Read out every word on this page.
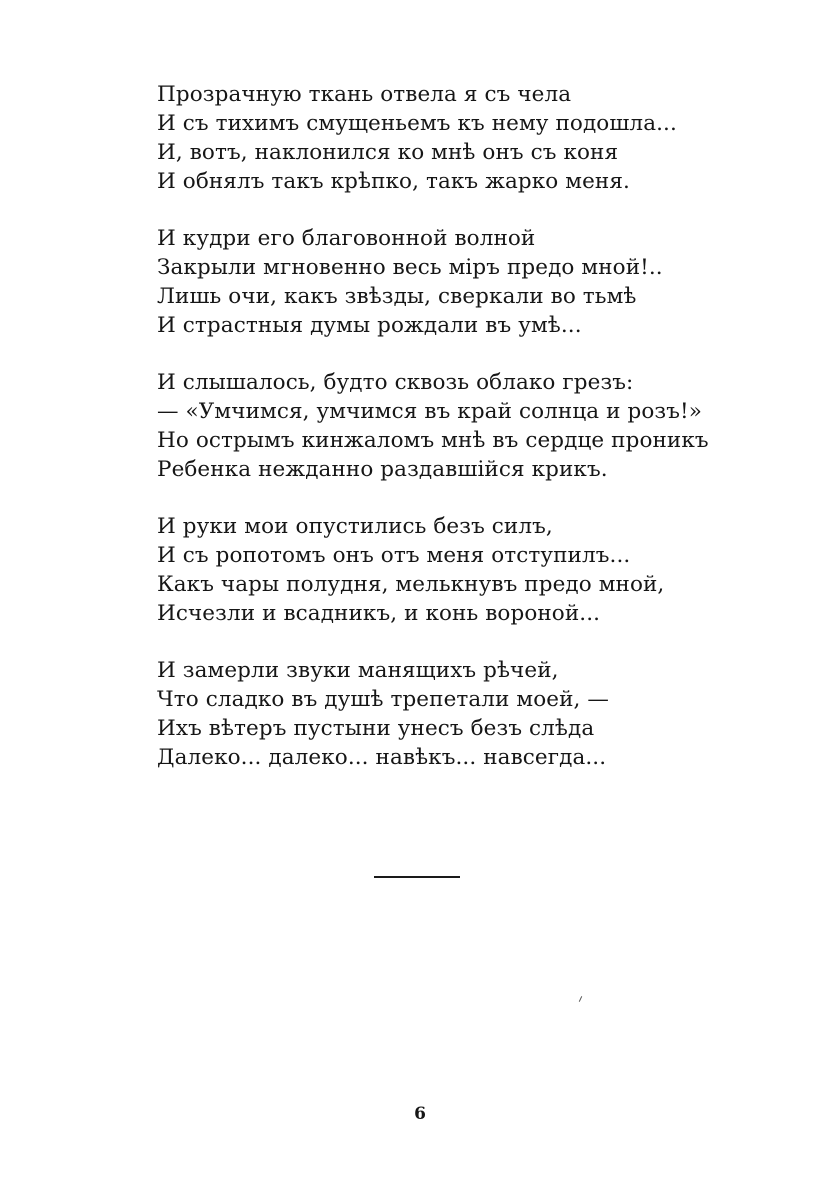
Прозрачную ткань отвела я съ чела
И съ тихимъ смущеньемъ къ нему подошла...
И, вотъ, наклонился ко мнѣ онъ съ коня
И обнялъ такъ крѣпко, такъ жарко меня.
И кудри его благовонной волной
Закрыли мгновенно весь міръ предо мной!..
Лишь очи, какъ звѣзды, сверкали во тьмѣ
И страстныя думы рождали въ умѣ...
И слышалось, будто сквозь облако грезъ:
— «Умчимся, умчимся въ край солнца и розъ!»
Но острымъ кинжаломъ мнѣ въ сердце проникъ
Ребенка нежданно раздавшійся крикъ.
И руки мои опустились безъ силъ,
И съ ропотомъ онъ отъ меня отступилъ...
Какъ чары полудня, мелькнувъ предо мной,
Исчезли и всадникъ, и конь вороной...
И замерли звуки манящихъ рѣчей,
Что сладко въ душѣ трепетали моей, —
Ихъ вѣтеръ пустыни унесъ безъ слѣда
Далеко... далеко... навѣкъ... навсегда...
6
